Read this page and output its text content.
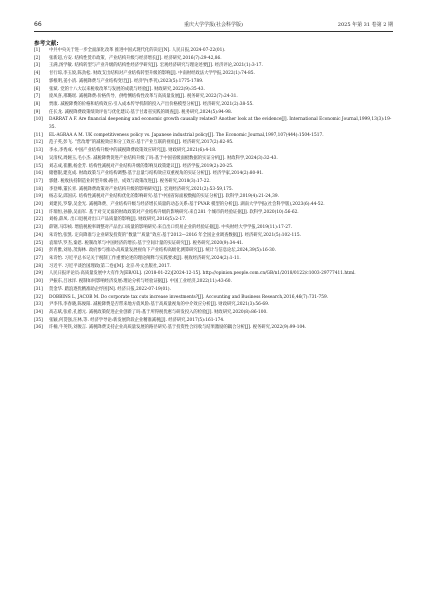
66	重庆大学学报(社会科学版)	2025 年第 31 卷第 2 期
参考文献:
[1] 中共中央关于进一步全面深化改革 推进中国式现代化的决定[N]. 人民日报,2024-07-22(01).
[2] 张新超,方安. 结构性货币政策、产业结构升级与经济增长[J]. 经济研究,2016(7):29-42,86.
[3] 王满,汤学敏. 结构转型与产业升级的结构性经济学研究[J]. 宏观经济研究与理论述要[J]. 经济评论,2021(1):3-17.
[4] 甘行琼,李玉姣,陈劲松. 财政支出结构对产业结构转型升级的影响[J]. 中南财经政法大学学报,2022(1):74-85.
[5] 郭根明,姜小清. 减税降费与产业结构变迁[J]. 经济学(季刊),2023(5):1775-1789.
[6] 张斌. 党的十八大以来税收改革与发展的成就与经验[J]. 财政研究,2022(9):35-43.
[7] 庞凤喜,邢璐瑶. 减税降费:价格传导、供给侧结构性改革与高质量发展[J]. 税务研究,2022(7):24-31.
[8] 贾康. 减税降费的价格和结构效应:引入成本传导机制的投入产出价格模型分析[J]. 经济研究,2021(2):38-55.
[9] 任长龙. 减税降费政策绩效评估与优化建议:基于甘肃省实践的调查[J]. 税务研究,2024(5):94-98.
[10] DARRAT A F. Are financial deepening and economic growth causally related? Another look at the evidence[J]. International Economic Journal,1999,13(3):19-35.
[11] EL-AGRAA A M. UK competitiveness policy vs. Japanese industrial policy[J]. The Economic Journal,1997,107(444):1504-1517.
[12] 范子英,彭飞. “营改增”的减税效应和分工效应:基于产业互联的视角[J]. 经济研究,2017(2):82-95.
[13] 李永,李秀成. 中国产业结构升级中的减税降费政策效应研究[J]. 财政研究,2021(6):4-18.
[14] 吴清权,周婉玉,毛小杰. 减税降费促进产业结构升级了吗:基于中国省级面板数据的实证分析[J]. 财政科学,2024(3):32-43.
[15] 刘志成,崔鹏,杨金芳. 结构性减税对产业结构升级的影响及政策建议[J]. 经济学报,2019(2):20-25.
[16] 储德银,建克成. 财政政策与产业结构调整:基于总量与结构效应双重视角的实证分析[J]. 经济学家,2014(2):80-91.
[17] 郭健. 税收扶持制造业转型升级:路径、成效与政策改进[J]. 税务研究,2018(3):17-22.
[18] 李登峰,董长青. 减税降费政策对产业结构升级的影响研究[J]. 宏观经济研究,2021(2):53-59,175.
[19] 杨志安,邱国庆. 结构性减税对产业结构优化的影响研究:基于中国省际面板数据的实证分析[J]. 软科学,2019(4):21-24,39.
[20] 刘建民,罗黎,吴金光. 减税降费、产业结构升级与经济增长质量的动态关系:基于PVAR 模型的分析[J]. 湖南大学学报(社会科学版),2023(6):44-52.
[21] 许瑞恒,孙静,吴雨军. 基于对交叉溢的财政政策对产业结构升级的影响研究:来自281 个城市的经验证据[J]. 软科学,2020(10):56-62.
[22] 刘杨,薛凤. 出口退税对出口产品质量的影响[J]. 财政研究,2016(5):2-17.
[23] 薛钢,马印祯. 增值税税率调整对产品出口质量的影响研究:来自出口贸易企业的经验证据[J]. 中央财经大学学报,2019(11):17-27.
[24] 朱诗怡,张凯. 定向降准与企业研发投资的“数量”“质量”效应:基于2012—2016 年全国企业调查数据[J]. 经济研究,2021(5):102-115.
[25] 袁瑞华,罗杰,秦恩. 税制改革与中国经济的增长:基于空间计量的实证研究[J]. 税务研究,2020(9):34-41.
[26] 彭青雅,刘易,茂海林. 政府参与推动:高质量发展视角下产业结构高级化测算研究[J]. 统计与信息论坛,2024,39(5):16-30.
[27] 朱诗怡. 习近平总书记关于税制工作重要论述的理论阐释与实践要求[J]. 税收经济研究,2024(2):1-11.
[28] 习近平. 习近平谈治国理政(第二卷)[M]. 北京:外文出版社,2017.
[29] 人民日报评论员:高质量发展中大有作为[EB/OL]. (2018-01-22)[2024-12-15]. http://opinion.people.com.cn/GB/n1/2018/0122/c1003-29777411.html.
[30] 尹振东,吕冰洋. 税制如何影响经济发展:理论分析与经验证据[J]. 中国工业经济,2022(11):43-60.
[31] 贺金华. 踏浪逐优精准助企纾困[N]. 经济日报,2022-07-19(01).
[32] DOBBINS L, JACOB M. Do corporate tax cuts increase investments?[J]. Accounting and Business Research,2016,46(7):731-759.
[33] 尹李伟,李春晓,陈俊阳. 减税降费是否带来地方债风险:基于高质量视角的中介效应分析[J]. 财政研究,2021(3):56-69.
[34] 高志斌,张希,孔德元. 减税政策促进企业创新了吗:基于所得税优惠与研发投入的检验[J]. 财政研究,2020(8):86-100.
[35] 张颖,何贯强,汪林,等. 经济学导论:新发展阶段企业精准减税[J]. 经济研究,2017(5):161-174.
[36] 许楠,牛英铁,刘俊言. 减税降费支持企业高质量发展的路径研究:基于投资性合同收与结果激励的耦合分析[J]. 税务研究,2022(9):99-104.
